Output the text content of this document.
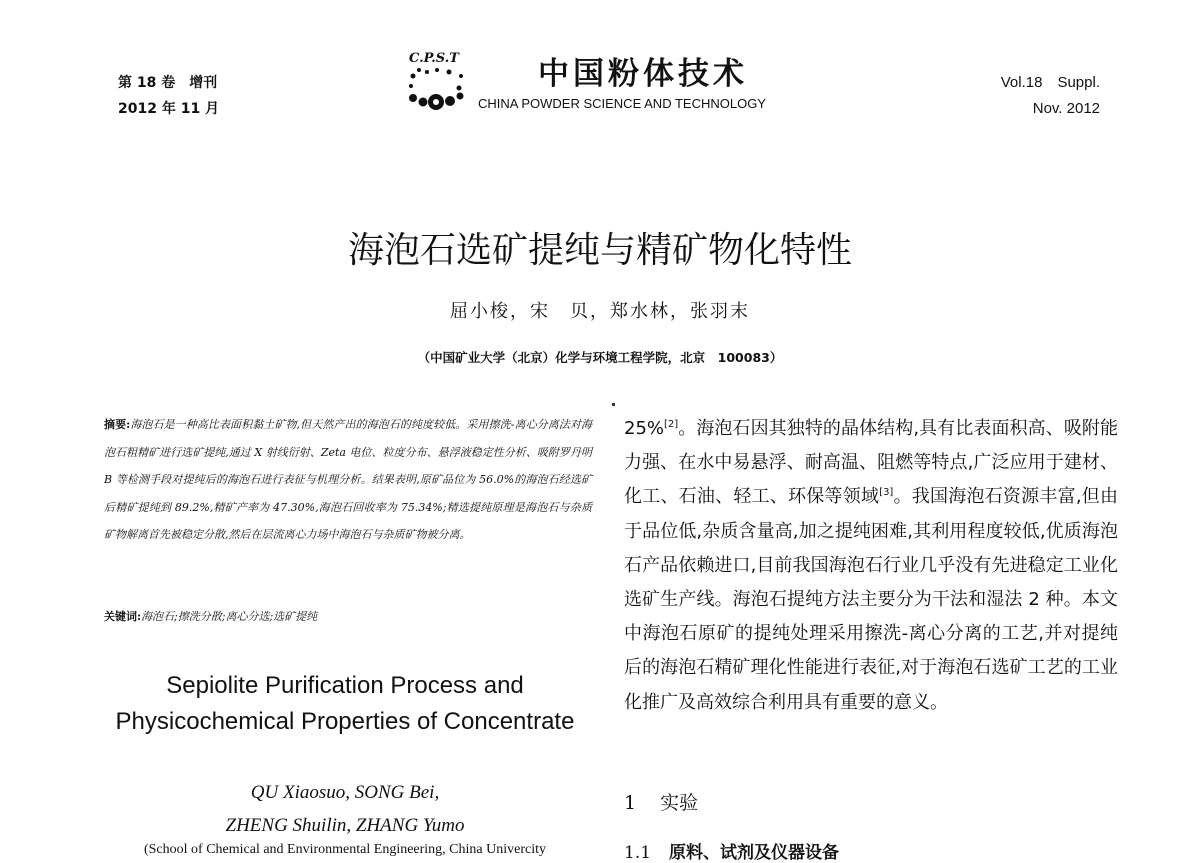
第 18 卷　增刊
2012 年 11 月
C.P.S.T	中国粉体技术
CHINA POWDER SCIENCE AND TECHNOLOGY
Vol.18　Suppl.
Nov. 2012
海泡石选矿提纯与精矿物化特性
屈小梭，宋　贝，郑水林，张羽末
（中国矿业大学（北京）化学与环境工程学院，北京　100083）
摘要:海泡石是一种高比表面积黏土矿物,但天然产出的海泡石的纯度较低。采用擦洗-离心分离法对海泡石粗精矿进行选矿提纯,通过 X 射线衍射、Zeta 电位、粒度分布、悬浮液稳定性分析、吸附罗丹明 B 等检测手段对提纯后的海泡石进行表征与机理分析。结果表明,原矿品位为 56.0%的海泡石经选矿后精矿提纯到 89.2%,精矿产率为 47.30%,海泡石回收率为 75.34%;精选提纯原理是海泡石与杂质矿物解离首先被稳定分散,然后在层流离心力场中海泡石与杂质矿物被分离。
关键词:海泡石;擦洗分散;离心分选;选矿提纯
Sepiolite Purification Process and
Physicochemical Properties of Concentrate
QU Xiaosuo, SONG Bei,
ZHENG Shuilin, ZHANG Yumo
(School of Chemical and Environmental Engineering, China Univercity
25%[2]。海泡石因其独特的晶体结构,具有比表面积高、吸附能力强、在水中易悬浮、耐高温、阻燃等特点,广泛应用于建材、化工、石油、轻工、环保等领域[3]。我国海泡石资源丰富,但由于品位低,杂质含量高,加之提纯困难,其利用程度较低,优质海泡石产品依赖进口,目前我国海泡石行业几乎没有先进稳定工业化选矿生产线。海泡石提纯方法主要分为干法和湿法 2 种。本文中海泡石原矿的提纯处理采用擦洗-离心分离的工艺,并对提纯后的海泡石精矿理化性能进行表征,对于海泡石选矿工艺的工业化推广及高效综合利用具有重要的意义。
1 实验
1.1 原料、试剂及仪器设备
